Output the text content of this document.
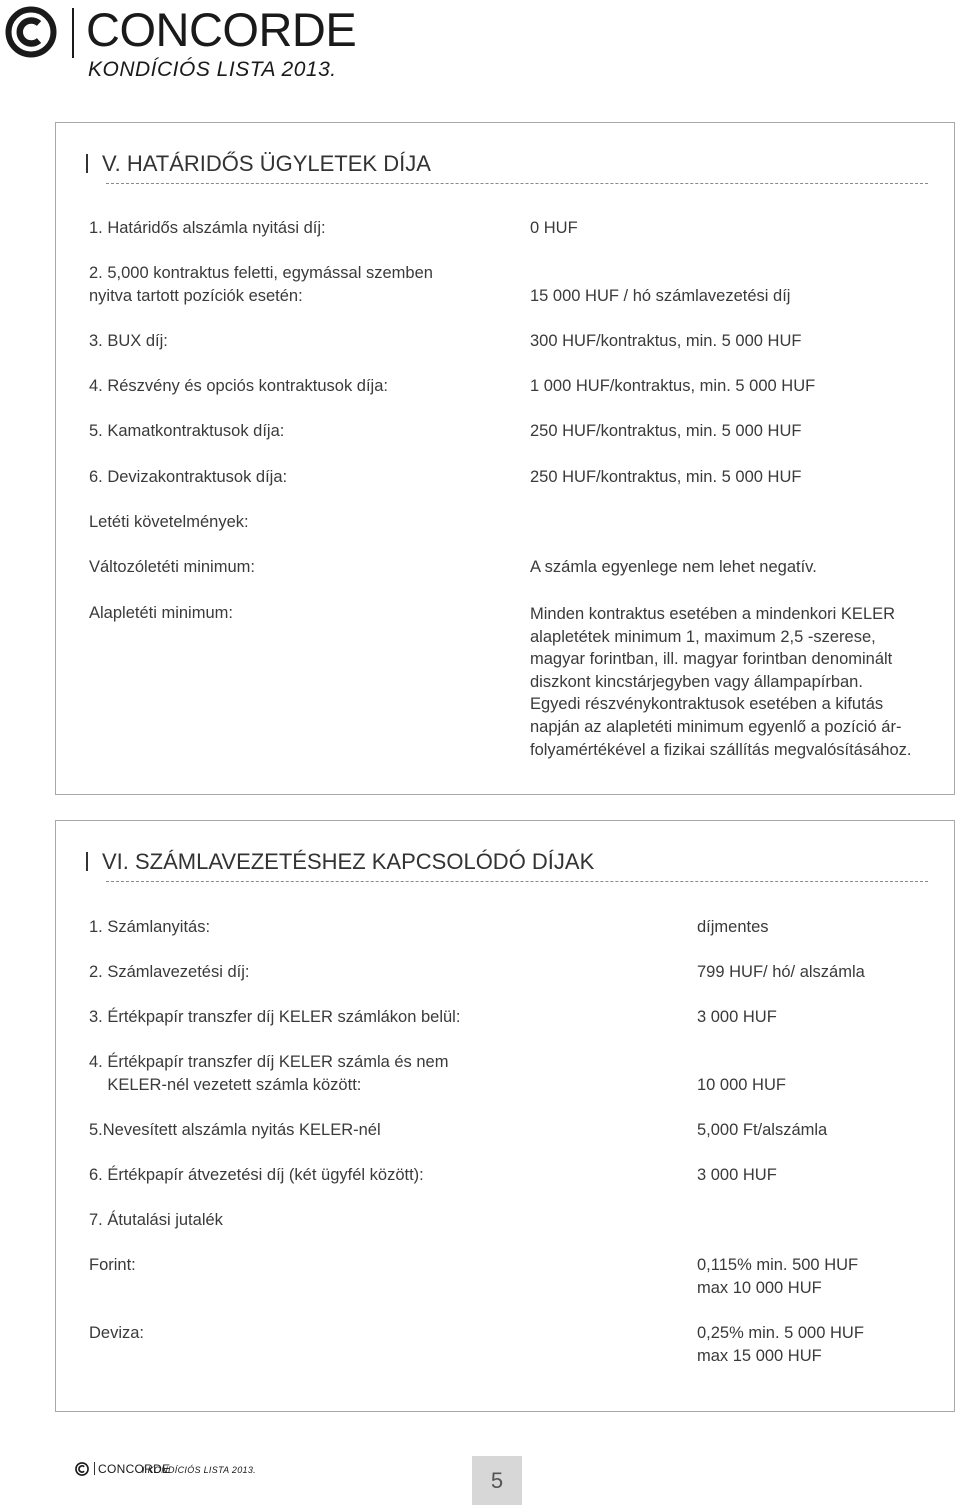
CONCORDE
KONDÍCIÓS LISTA 2013.
V. HATÁRIDŐS ÜGYLETEK DÍJA
1. Határidős alszámla nyitási díj:	0 HUF
2. 5,000 kontraktus feletti, egymással szemben
nyitva tartott pozíciók esetén:	15 000 HUF / hó számlavezetési díj
3. BUX díj:	300 HUF/kontraktus, min. 5 000 HUF
4. Részvény és opciós kontraktusok díja:	1 000 HUF/kontraktus, min. 5 000 HUF
5. Kamatkontraktusok díja:	250 HUF/kontraktus, min. 5 000 HUF
6. Devizakontraktusok díja:	250 HUF/kontraktus, min. 5 000 HUF
Letéti követelmények:
Változóletéti minimum:	A számla egyenlege nem lehet negatív.
Alapletéti minimum:	Minden kontraktus esetében a mindenkori KELER
alapletétek minimum 1, maximum 2,5 -szerese,
magyar forintban, ill. magyar forintban denominált
diszkont kincstárjegyben vagy állampapírban.
Egyedi részvénykontraktusok esetében a kifutás
napján az alapletéti minimum egyenlő a pozíció ár-
folyamértékével a fizikai szállítás megvalósításához.
VI. SZÁMLAVEZETÉSHEZ KAPCSOLÓDÓ DÍJAK
1. Számlanyitás:	díjmentes
2. Számlavezetési díj:	799 HUF/ hó/ alszámla
3. Értékpapír transzfer díj KELER számlákon belül:	3 000 HUF
4. Értékpapír transzfer díj KELER számla és nem
KELER-nél vezetett számla között:	10 000 HUF
5.Nevesített alszámla nyitás KELER-nél	5,000 Ft/alszámla
6. Értékpapír átvezetési díj (két ügyfél között):	3 000 HUF
7. Átutalási jutalék
Forint:	0,115% min. 500 HUF
max 10 000 HUF
Deviza:	0,25% min. 5 000 HUF
max 15 000 HUF
CONCORDE
I KONDÍCIÓS LISTA 2013.	5
